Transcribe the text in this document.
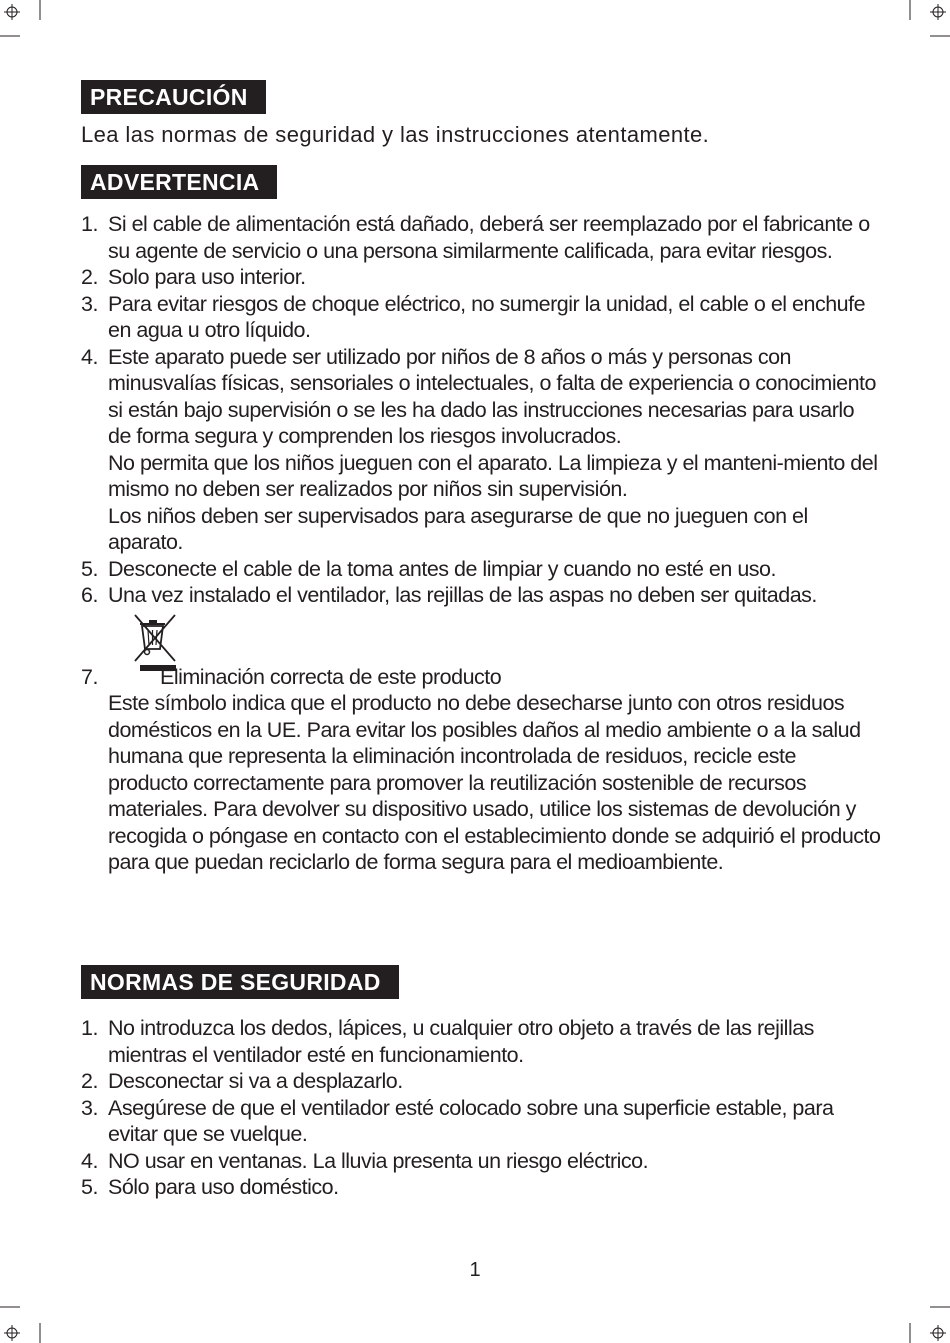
PRECAUCIÓN
Lea las normas de seguridad y las instrucciones atentamente.
ADVERTENCIA
1. Si el cable de alimentación está dañado, deberá ser reemplazado por el fabricante o su agente de servicio o una persona similarmente calificada, para evitar riesgos.
2. Solo para uso interior.
3. Para evitar riesgos de choque eléctrico, no sumergir la unidad, el cable o el enchufe en agua u otro líquido.
4. Este aparato puede ser utilizado por niños de 8 años o más y personas con minusvalías físicas, sensoriales o intelectuales, o falta de experiencia o conocimiento si están bajo supervisión o se les ha dado las instrucciones necesarias para usarlo de forma segura y comprenden los riesgos involucrados.
No permita que los niños jueguen con el aparato. La limpieza y el manteni-miento del mismo no deben ser realizados por niños sin supervisión.
Los niños deben ser supervisados para asegurarse de que no jueguen con el aparato.
5. Desconecte el cable de la toma antes de limpiar y cuando no esté en uso.
6. Una vez instalado el ventilador, las rejillas de las aspas no deben ser quitadas.
7.	Eliminación correcta de este producto
Este símbolo indica que el producto no debe desecharse junto con otros residuos domésticos en la UE. Para evitar los posibles daños al medio ambiente o a la salud humana que representa la eliminación incontrolada de residuos, recicle este producto correctamente para promover la reutilización sostenible de recursos materiales. Para devolver su dispositivo usado, utilice los sistemas de devolución y recogida o póngase en contacto con el establecimiento donde se adquirió el producto para que puedan reciclarlo de forma segura para el medioambiente.
NORMAS DE SEGURIDAD
1. No introduzca los dedos, lápices, u cualquier otro objeto a través de las rejillas mientras el ventilador esté en funcionamiento.
2. Desconectar si va a desplazarlo.
3. Asegúrese de que el ventilador esté colocado sobre una superficie estable, para evitar que se vuelque.
4. NO usar en ventanas. La lluvia presenta un riesgo eléctrico.
5. Sólo para uso doméstico.
1
